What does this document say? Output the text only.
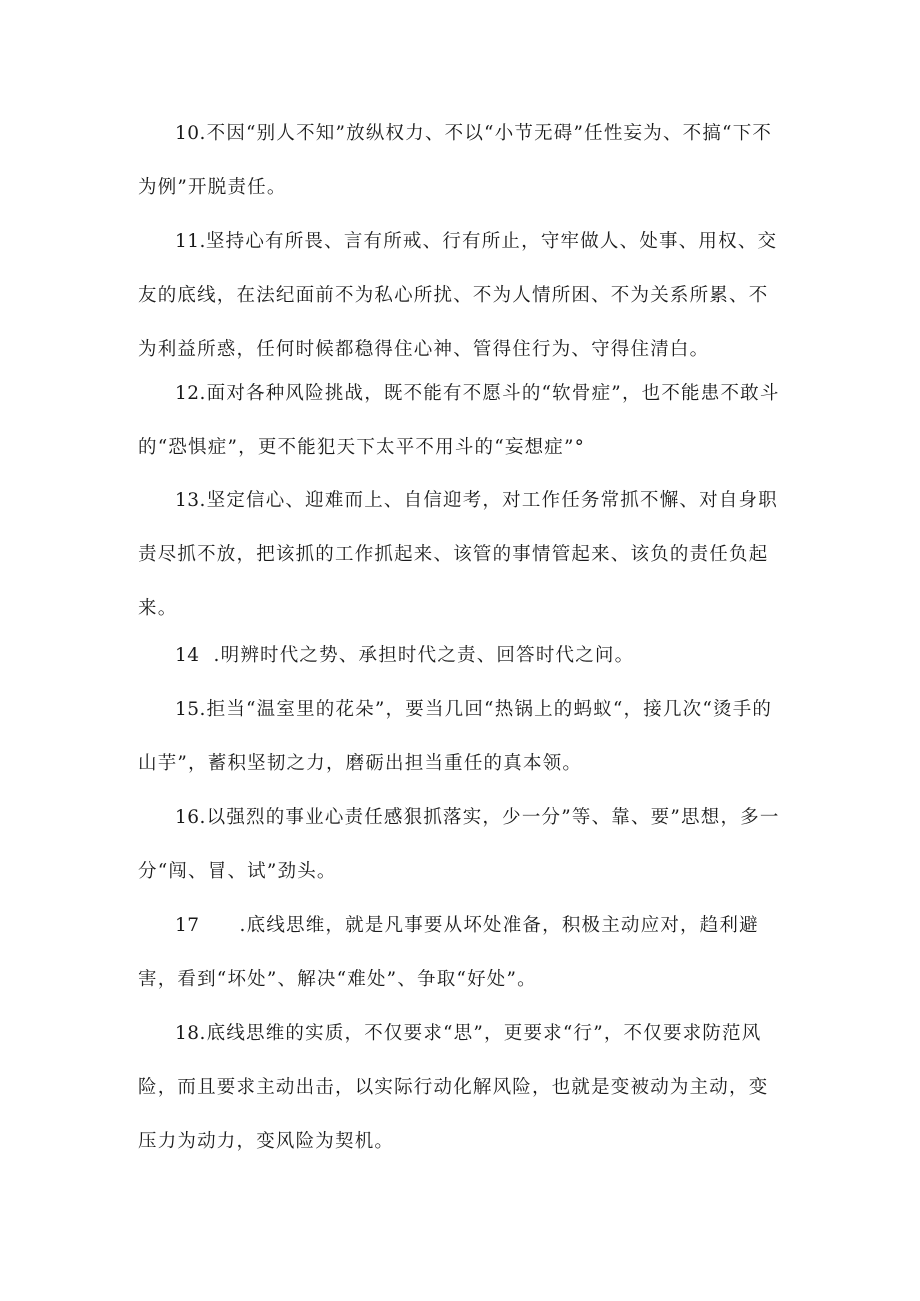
10.不因“别人不知”放纵权力、不以“小节无碍”任性妄为、不搞“下不为例”开脱责任。

11.坚持心有所畏、言有所戒、行有所止，守牢做人、处事、用权、交友的底线，在法纪面前不为私心所扰、不为人情所困、不为关系所累、不为利益所惑，任何时候都稳得住心神、管得住行为、守得住清白。

12.面对各种风险挑战，既不能有不愿斗的“软骨症”，也不能患不敢斗的“恐惧症”，更不能犯天下太平不用斗的“妄想症”°

13.坚定信心、迎难而上、自信迎考，对工作任务常抓不懈、对自身职责尽抓不放，把该抓的工作抓起来、该管的事情管起来、该负的责任负起来。

14 .明辨时代之势、承担时代之责、回答时代之问。

15.拒当“温室里的花朵”，要当几回“热锅上的蚂蚁“，接几次“烫手的山芋”，蓄积坚韧之力，磨砺出担当重任的真本领。

16.以强烈的事业心责任感狠抓落实，少一分”等、靠、要”思想，多一分“闯、冒、试”劲头。

17 .底线思维，就是凡事要从坏处准备，积极主动应对，趋利避害，看到“坏处”、解决“难处”、争取“好处”。

18.底线思维的实质，不仅要求“思”，更要求“行”，不仅要求防范风险，而且要求主动出击，以实际行动化解风险，也就是变被动为主动，变压力为动力，变风险为契机。
